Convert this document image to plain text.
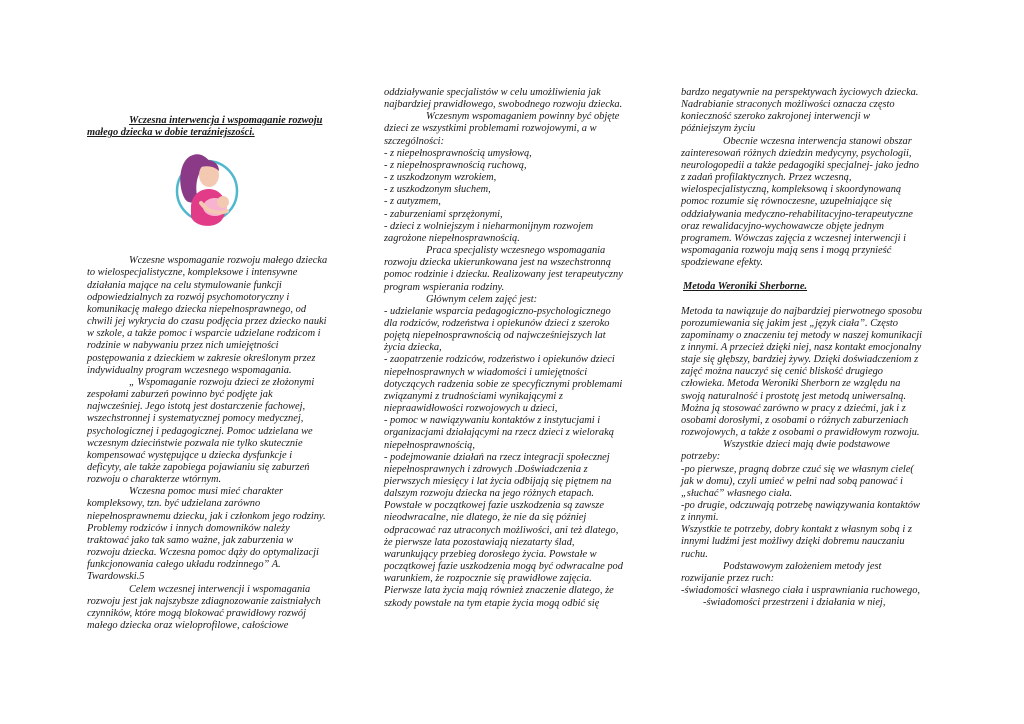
Wczesna interwencja i wspomaganie rozwoju

małego dziecka w dobie teraźniejszości.

Wczesne wspomaganie rozwoju małego dziecka

to wielospecjalistyczne, kompleksowe i intensywne

działania mające na celu stymulowanie funkcji

odpowiedzialnych za rozwój psychomotoryczny i

komunikację małego dziecka niepełnosprawnego, od

chwili jej wykrycia do czasu podjęcia przez dziecko nauki

w szkole, a także pomoc i wsparcie udzielane rodzicom i

rodzinie w nabywaniu przez nich umiejętności

postępowania z dzieckiem w zakresie określonym przez

indywidualny program wczesnego wspomagania.

„ Wspomaganie rozwoju dzieci ze złożonymi

zespołami zaburzeń powinno być podjęte jak

najwcześniej. Jego istotą jest dostarczenie fachowej,

wszechstronnej i systematycznej pomocy medycznej,

psychologicznej i pedagogicznej. Pomoc udzielana we

wczesnym dzieciństwie pozwala nie tylko skutecznie

kompensować występujące u dziecka dysfunkcje i

deficyty, ale także zapobiega pojawianiu się zaburzeń

rozwoju o charakterze wtórnym.

Wczesna pomoc musi mieć charakter

kompleksowy, tzn. być udzielana zarówno

niepełnosprawnemu dziecku, jak i członkom jego rodziny.

Problemy rodziców i innych domowników należy

traktować jako tak samo ważne, jak zaburzenia w

rozwoju dziecka. Wczesna pomoc dąży do optymalizacji

funkcjonowania całego układu rodzinnego” A.

Twardowski.5

Celem wczesnej interwencji i wspomagania

rozwoju jest jak najszybsze zdiagnozowanie zaistniałych

czynników, które mogą blokować prawidłowy rozwój

małego dziecka oraz wieloprofilowe, całościowe

oddziaływanie specjalistów w celu umożliwienia jak

najbardziej prawidłowego, swobodnego rozwoju dziecka.

Wczesnym wspomaganiem powinny być objęte

dzieci ze wszystkimi problemami rozwojowymi, a w

szczególności:

- z niepełnosprawnością umysłową,

- z niepełnosprawnością ruchową,

- z uszkodzonym wzrokiem,

- z uszkodzonym słuchem,

- z autyzmem,

- zaburzeniami sprzężonymi,

- dzieci z wolniejszym i nieharmonijnym rozwojem

zagrożone niepełnosprawnością.

Praca specjalisty wczesnego wspomagania

rozwoju dziecka ukierunkowana jest na wszechstronną

pomoc rodzinie i dziecku. Realizowany jest terapeutyczny

program wspierania rodziny.

Głównym celem zajęć jest:

- udzielanie wsparcia pedagogiczno-psychologicznego

dla rodziców, rodzeństwa i opiekunów dzieci z szeroko

pojętą niepełnosprawnością od najwcześniejszych lat

życia dziecka,

- zaopatrzenie rodziców, rodzeństwo i opiekunów dzieci

niepełnosprawnych w wiadomości i umiejętności

dotyczących radzenia sobie ze specyficznymi problemami

związanymi z trudnościami wynikającymi z

niepraawidłowości rozwojowych u dzieci,

- pomoc w nawiązywaniu kontaktów z instytucjami i

organizacjami działającymi na rzecz dzieci z wieloraką

niepełnosprawnością,

- podejmowanie działań na rzecz integracji społecznej

niepełnosprawnych i zdrowych .Doświadczenia z

pierwszych miesięcy i lat życia odbijają się piętnem na

dalszym rozwoju dziecka na jego różnych etapach.

Powstałe w początkowej fazie uszkodzenia są zawsze

nieodwracalne, nie dlatego, że nie da się później

odpracować raz utraconych możliwości, ani też dlatego,

że pierwsze lata pozostawiają niezatarty ślad,

warunkujący przebieg dorosłego życia. Powstałe w

początkowej fazie uszkodzenia mogą być odwracalne pod

warunkiem, że rozpocznie się prawidłowe zajęcia.

Pierwsze lata życia mają również znaczenie dlatego, że

szkody powstałe na tym etapie życia mogą odbić się

bardzo negatywnie na perspektywach życiowych dziecka.

Nadrabianie straconych możliwości oznacza często

konieczność szeroko zakrojonej interwencji w

późniejszym życiu

Obecnie wczesna interwencja stanowi obszar

zainteresowań różnych dziedzin medycyny, psychologii,

neurologopedii a także pedagogiki specjalnej- jako jedno

z zadań profilaktycznych. Przez wczesną,

wielospecjalistyczną, kompleksową i skoordynowaną

pomoc rozumie się równoczesne, uzupełniające się

oddziaływania medyczno-rehabilitacyjno-terapeutyczne

oraz rewalidacyjno-wychowawcze objęte jednym

programem. Wówczas zajęcia z wczesnej interwencji i

wspomagania rozwoju mają sens i mogą przynieść

spodziewane efekty.

Metoda Weroniki Sherborne.

Metoda ta nawiązuje do najbardziej pierwotnego sposobu

porozumiewania się jakim jest „język ciała”. Często

zapominamy o znaczeniu tej metody w naszej komunikacji

z innymi. A przecież dzięki niej, nasz kontakt emocjonalny

staje się głębszy, bardziej żywy. Dzięki doświadczeniom z

zajęć można nauczyć się cenić bliskość drugiego

człowieka. Metoda Weroniki Sherborn ze względu na

swoją naturalność i prostotę jest metodą uniwersalną.

Można ją stosować zarówno w pracy z dziećmi, jak i z

osobami dorosłymi, z osobami o różnych zaburzeniach

rozwojowych, a także z osobami o prawidłowym rozwoju.

Wszystkie dzieci mają dwie podstawowe

potrzeby:

-po pierwsze, pragną dobrze czuć się we własnym ciele(

jak w domu), czyli umieć w pełni nad sobą panować i

„słuchać” własnego ciała.

-po drugie, odczuwają potrzebę nawiązywania kontaktów

z innymi.

Wszystkie te potrzeby, dobry kontakt z własnym sobą i z

innymi ludźmi jest możliwy dzięki dobremu nauczaniu

ruchu.

Podstawowym założeniem metody jest

rozwijanie przez ruch:

-świadomości własnego ciała i usprawniania ruchowego,

-świadomości przestrzeni i działania w niej,
